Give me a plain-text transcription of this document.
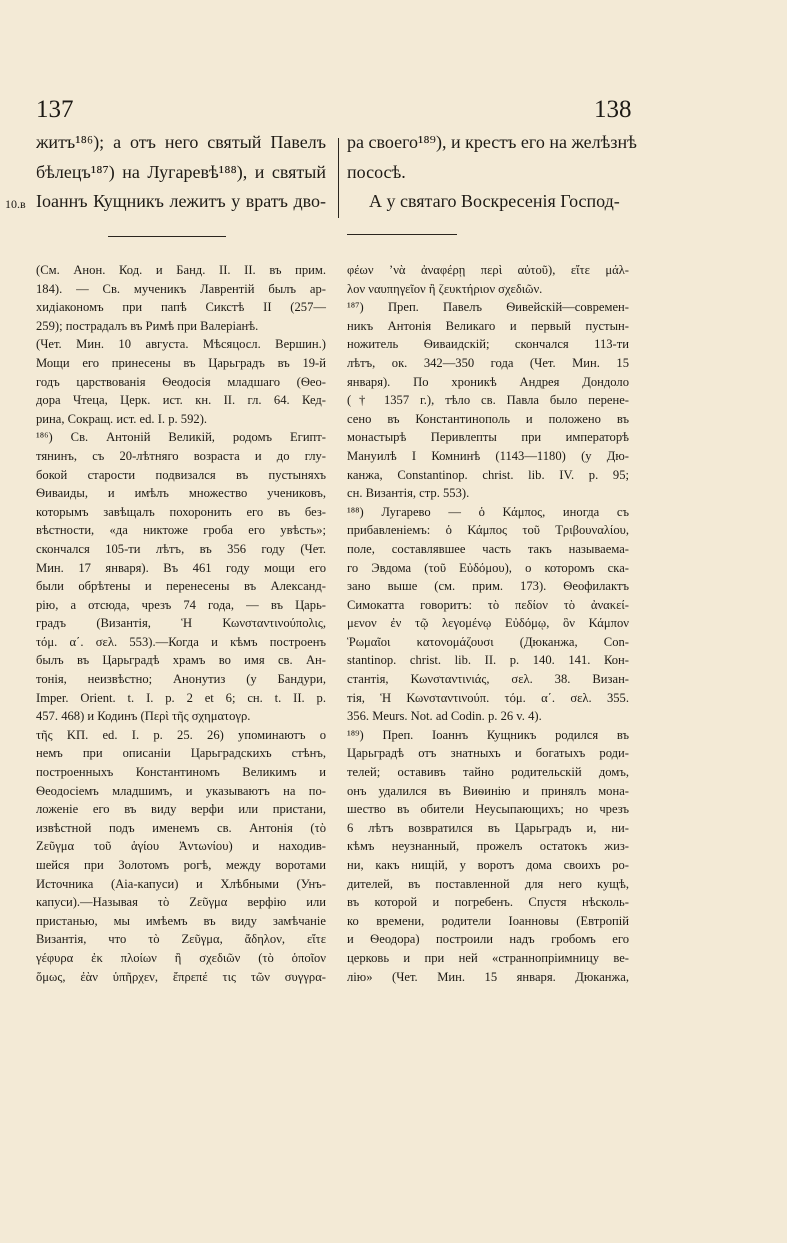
137	138
10.в
житъ¹⁸⁶); а отъ него святый Павелъ
бѣлецъ¹⁸⁷) на Лугаревѣ¹⁸⁸), и святый
Іоаннъ Кущникъ лежитъ у вратъ дво-
ра своего¹⁸⁹), и крестъ его на желѣзнѣ
пососѣ.
А у святаго Воскресенія Господ-
(См. Анон. Код. и Банд. II. II. въ прим.
184). — Св. мученикъ Лаврентій былъ ар-
хидіакономъ при папѣ Сикстѣ II (257—
259); пострадалъ въ Римѣ при Валеріанѣ.
(Чет. Мин. 10 августа. Мѣсяцосл. Вершин.)
Мощи его принесены въ Царьградъ въ 19-й
годъ царствованія Ѳеодосія младшаго (Ѳео-
дора Чтеца, Церк. ист. кн. II. гл. 64. Кед-
рина, Сокращ. ист. ed. I. p. 592).
¹⁸⁶) Св. Антоній Великій, родомъ Египт-
тянинъ, съ 20-лѣтняго возраста и до глу-
бокой старости подвизался въ пустыняхъ
Ѳиваиды, и имѣлъ множество учениковъ,
которымъ завѣщалъ похоронить его въ без-
вѣстности, «да никтоже гроба его увѣсть»;
скончался 105-ти лѣтъ, въ 356 году (Чет.
Мин. 17 января). Въ 461 году мощи его
были обрѣтены и перенесены въ Александ-
рію, а отсюда, чрезъ 74 года, — въ Царь-
градъ (Византія, Ἡ Κωνσταντινούπολις,
τόμ. α΄. σελ. 553).—Когда и кѣмъ построенъ
былъ въ Царьградѣ храмъ во имя св. Ан-
тонія, неизвѣстно; Анонутиз (у Бандури,
Imper. Orient. t. I. p. 2 et 6; сн. t. II. p.
457. 468) и Кодинъ (Περὶ τῆς σχηματογρ.
τῆς ΚΠ. ed. I. p. 25. 26) упоминаютъ о
немъ при описаніи Царьградскихъ стѣнъ,
построенныхъ Константиномъ Великимъ и
Ѳеодосіемъ младшимъ, и указываютъ на по-
ложеніе его въ виду верфи или пристани,
извѣстной подъ именемъ св. Антонія (τὸ
Ζεῦγμα τοῦ ἁγίου Ἀντωνίου) и находив-
шейся при Золотомъ рогѣ, между воротами
Источника (Аіа-капуси) и Хлѣбными (Унъ-
капуси).—Называя τὸ Ζεῦγμα верфію или
пристанью, мы имѣемъ въ виду замѣчаніе
Византія, что τὸ Ζεῦγμα, ἄδηλον, εἴτε
γέφυρα ἐκ πλοίων ἢ σχεδιῶν (τὸ ὁποῖον
ὅμως, ἐὰν ὑπῆρχεν, ἔπρεπέ τις τῶν συγγρα-
φέων ʼνὰ ἀναφέρῃ περὶ αὐτοῦ), εἴτε μάλ-
λον ναυπηγεῖον ἢ ζευκτήριον σχεδιῶν.
¹⁸⁷) Преп. Павелъ Ѳивейскій—современ-
никъ Антонія Великаго и первый пустын-
ножитель Ѳиваидскій; скончался 113-ти
лѣтъ, ок. 342—350 года (Чет. Мин. 15
января). По хроникѣ Андрея Дондоло
(† 1357 г.), тѣло св. Павла было перене-
сено въ Константинополь и положено въ
монастырѣ Перивлепты при императорѣ
Мануилѣ I Комнинѣ (1143—1180) (у Дю-
канжа, Constantinop. christ. lib. IV. p. 95;
сн. Византія, стр. 553).
¹⁸⁸) Лугарево — ὁ Κάμπος, иногда съ
прибавленіемъ: ὁ Κάμπος τοῦ Τριβουναλίου,
поле, составлявшее часть такъ называема-
го Эвдома (τοῦ Εὐδόμου), о которомъ ска-
зано выше (см. прим. 173). Ѳеофилактъ
Симокатта говоритъ: τὸ πεδίον τὸ ἀνακεί-
μενον ἐν τῷ λεγομένῳ Εὐδόμῳ, ὃν Κάμπον
Ῥωμαῖοι κατονομάζουσι (Дюканжа, Con-
stantinop. christ. lib. II. p. 140. 141. Кон-
стантія, Κωνσταντινιάς, σελ. 38. Визан-
тія, Ἡ Κωνσταντινούπ. τόμ. α΄. σελ. 355.
356. Meurs. Not. ad Codin. p. 26 v. 4).
¹⁸⁹) Преп. Іоаннъ Кущникъ родился въ
Царьградѣ отъ знатныхъ и богатыхъ роди-
телей; оставивъ тайно родительскій домъ,
онъ удалился въ Виѳинію и принялъ мона-
шество въ обители Неусыпающихъ; но чрезъ
6 лѣтъ возвратился въ Царьградъ и, ни-
кѣмъ неузнанный, прожелъ остатокъ жиз-
ни, какъ нищій, у воротъ дома своихъ ро-
дителей, въ поставленной для него кущѣ,
въ которой и погребенъ. Спустя нѣсколь-
ко времени, родители Іоанновы (Евтропій
и Ѳеодора) построили надъ гробомъ его
церковь и при ней «страннопріимницу ве-
лію» (Чет. Мин. 15 января. Дюканжа,
